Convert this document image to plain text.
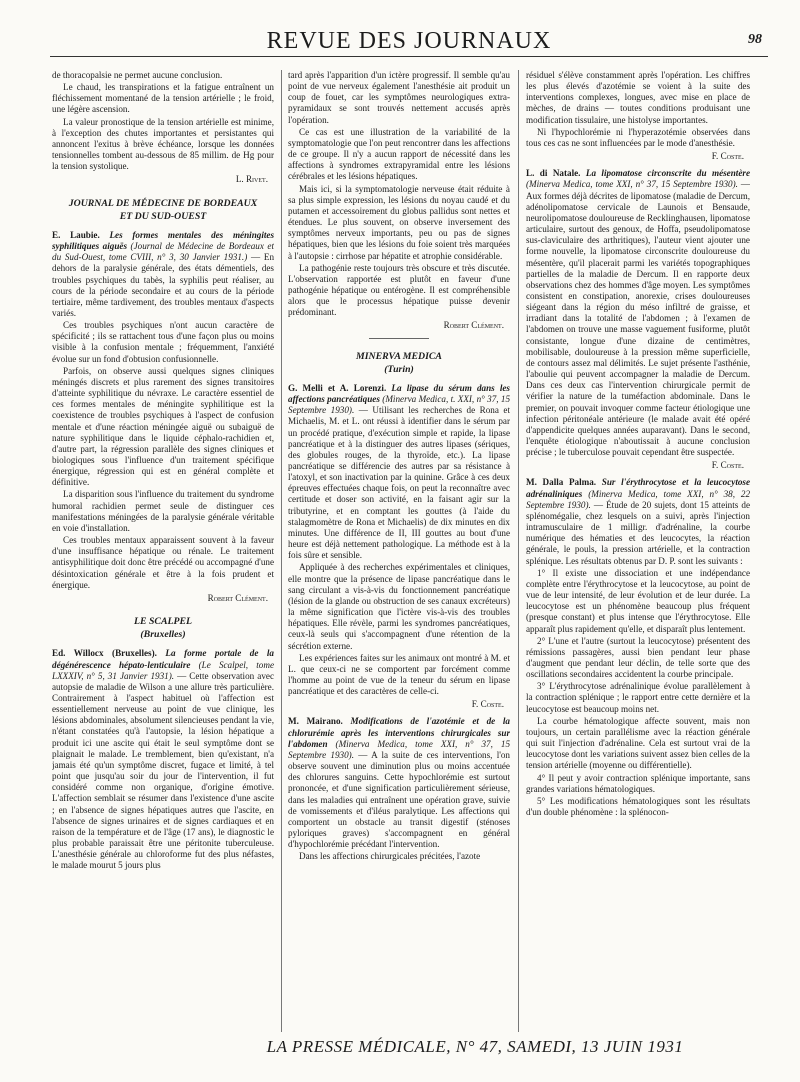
REVUE DES JOURNAUX	98

de thoracopalsie ne permet aucune conclusion.

Le chaud, les transpirations et la fatigue entraînent un fléchissement momentané de la tension artérielle ; le froid, une légère ascension.

La valeur pronostique de la tension artérielle est minime, à l'exception des chutes importantes et persistantes qui annoncent l'exitus à brève échéance, lorsque les données tensionnelles tombent au-dessous de 85 millim. de Hg pour la tension systolique.

L. Rivet.

JOURNAL DE MÉDECINE DE BORDEAUX

ET DU SUD-OUEST

E. Laubie. Les formes mentales des méningites syphilitiques aiguës (Journal de Médecine de Bordeaux et du Sud-Ouest, tome CVIII, n° 3, 30 Janvier 1931.) — En dehors de la paralysie générale, des états démentiels, des troubles psychiques du tabès, la syphilis peut réaliser, au cours de la période secondaire et au cours de la période tertiaire, même tardivement, des troubles mentaux d'aspects variés.

Ces troubles psychiques n'ont aucun caractère de spécificité ; ils se rattachent tous d'une façon plus ou moins visible à la confusion mentale ; fréquemment, l'anxiété évolue sur un fond d'obtusion confusionnelle.

Parfois, on observe aussi quelques signes cliniques méningés discrets et plus rarement des signes transitoires d'atteinte syphilitique du névraxe. Le caractère essentiel de ces formes mentales de méningite syphilitique est la coexistence de troubles psychiques à l'aspect de confusion mentale et d'une réaction méningée aiguë ou subaiguë de nature syphilitique dans le liquide céphalo-rachidien et, d'autre part, la régression parallèle des signes cliniques et biologiques sous l'influence d'un traitement spécifique énergique, régression qui est en général complète et définitive.

La disparition sous l'influence du traitement du syndrome humoral rachidien permet seule de distinguer ces manifestations méningées de la paralysie générale véritable en voie d'installation.

Ces troubles mentaux apparaissent souvent à la faveur d'une insuffisance hépatique ou rénale. Le traitement antisyphilitique doit donc être précédé ou accompagné d'une désintoxication générale et être à la fois prudent et énergique.

Robert Clément.

LE SCALPEL

(Bruxelles)

Ed. Willocx (Bruxelles). La forme portale de la dégénérescence hépato-lenticulaire (Le Scalpel, tome LXXXIV, n° 5, 31 Janvier 1931). — Cette observation avec autopsie de maladie de Wilson a une allure très particulière. Contrairement à l'aspect habituel où l'affection est essentiellement nerveuse au point de vue clinique, les lésions abdominales, absolument silencieuses pendant la vie, n'étant constatées qu'à l'autopsie, la lésion hépatique a produit ici une ascite qui était le seul symptôme dont se plaignait le malade. Le tremblement, bien qu'existant, n'a jamais été qu'un symptôme discret, fugace et limité, à tel point que jusqu'au soir du jour de l'intervention, il fut considéré comme non organique, d'origine émotive. L'affection semblait se résumer dans l'existence d'une ascite ; en l'absence de signes hépatiques autres que l'ascite, en l'absence de signes urinaires et de signes cardiaques et en raison de la température et de l'âge (17 ans), le diagnostic le plus probable paraissait être une péritonite tuberculeuse. L'anesthésie générale au chloroforme fut des plus néfastes, le malade mourut 5 jours plus

tard après l'apparition d'un ictère progressif. Il semble qu'au point de vue nerveux également l'anesthésie ait produit un coup de fouet, car les symptômes neurologiques extra-pyramidaux se sont trouvés nettement accusés après l'opération.

Ce cas est une illustration de la variabilité de la symptomatologie que l'on peut rencontrer dans les affections de ce groupe. Il n'y a aucun rapport de nécessité dans les affections à syndromes extrapyramidal entre les lésions cérébrales et les lésions hépatiques.

Mais ici, si la symptomatologie nerveuse était réduite à sa plus simple expression, les lésions du noyau caudé et du putamen et accessoirement du globus pallidus sont nettes et étendues. Le plus souvent, on observe inversement des symptômes nerveux importants, peu ou pas de signes hépatiques, bien que les lésions du foie soient très marquées à l'autopsie : cirrhose par hépatite et atrophie considérable.

La pathogénie reste toujours très obscure et très discutée. L'observation rapportée est plutôt en faveur d'une pathogénie hépatique ou entérogène. Il est compréhensible alors que le processus hépatique puisse devenir prédominant.

Robert Clément.

MINERVA MEDICA

(Turin)

G. Melli et A. Lorenzi. La lipase du sérum dans les affections pancréatiques (Minerva Medica, t. XXI, n° 37, 15 Septembre 1930). — Utilisant les recherches de Rona et Michaelis, M. et L. ont réussi à identifier dans le sérum par un procédé pratique, d'exécution simple et rapide, la lipase pancréatique et à la distinguer des autres lipases (sériques, des globules rouges, de la thyroïde, etc.). La lipase pancréatique se différencie des autres par sa résistance à l'atoxyl, et son inactivation par la quinine. Grâce à ces deux épreuves effectuées chaque fois, on peut la reconnaître avec certitude et doser son activité, en la faisant agir sur la tributyrine, et en comptant les gouttes (à l'aide du stalagmomètre de Rona et Michaelis) de dix minutes en dix minutes. Une différence de II, III gouttes au bout d'une heure est déjà nettement pathologique. La méthode est à la fois sûre et sensible.

Appliquée à des recherches expérimentales et cliniques, elle montre que la présence de lipase pancréatique dans le sang circulant a vis-à-vis du fonctionnement pancréatique (lésion de la glande ou obstruction de ses canaux excréteurs) la même signification que l'ictère vis-à-vis des troubles hépatiques. Elle révèle, parmi les syndromes pancréatiques, ceux-là seuls qui s'accompagnent d'une rétention de la sécrétion externe.

Les expériences faites sur les animaux ont montré à M. et L. que ceux-ci ne se comportent par forcément comme l'homme au point de vue de la teneur du sérum en lipase pancréatique et des caractères de celle-ci.

F. Coste.

M. Mairano. Modifications de l'azotémie et de la chlorurémie après les interventions chirurgicales sur l'abdomen (Minerva Medica, tome XXI, n° 37, 15 Septembre 1930). — A la suite de ces interventions, l'on observe souvent une diminution plus ou moins accentuée des chlorures sanguins. Cette hypochlorémie est surtout prononcée, et d'une signification particulièrement sérieuse, dans les maladies qui entraînent une opération grave, suivie de vomissements et d'iléus paralytique. Les affections qui comportent un obstacle au transit digestif (sténoses pyloriques graves) s'accompagnent en général d'hypochlorémie précédant l'intervention.

Dans les affections chirurgicales précitées, l'azote

résiduel s'élève constamment après l'opération. Les chiffres les plus élevés d'azotémie se voient à la suite des interventions complexes, longues, avec mise en place de mèches, de drains — toutes conditions produisant une modification tissulaire, une histolyse importantes.

Ni l'hypochlorémie ni l'hyperazotémie observées dans tous ces cas ne sont influencées par le mode d'anesthésie.

F. Coste.

L. di Natale. La lipomatose circonscrite du mésentère (Minerva Medica, tome XXI, n° 37, 15 Septembre 1930). — Aux formes déjà décrites de lipomatose (maladie de Dercum, adénolipomatose cervicale de Launois et Bensaude, neurolipomatose douloureuse de Recklinghausen, lipomatose articulaire, surtout des genoux, de Hoffa, pseudolipomatose sus-claviculaire des arthritiques), l'auteur vient ajouter une forme nouvelle, la lipomatose circonscrite douloureuse du mésentère, qu'il placerait parmi les variétés topographiques partielles de la maladie de Dercum. Il en rapporte deux observations chez des hommes d'âge moyen. Les symptômes consistent en constipation, anorexie, crises douloureuses siégeant dans la région du méso infiltré de graisse, et irradiant dans la totalité de l'abdomen ; à l'examen de l'abdomen on trouve une masse vaguement fusiforme, plutôt consistante, longue d'une dizaine de centimètres, mobilisable, douloureuse à la pression même superficielle, de contours assez mal délimités. Le sujet présente l'asthénie, l'aboulie qui peuvent accompagner la maladie de Dercum. Dans ces deux cas l'intervention chirurgicale permit de vérifier la nature de la tuméfaction abdominale. Dans le premier, on pouvait invoquer comme facteur étiologique une infection péritonéale antérieure (le malade avait été opéré d'appendicite quelques années auparavant). Dans le second, l'enquête étiologique n'aboutissait à aucune conclusion précise ; le tuberculose pouvait cependant être suspectée.

F. Coste.

M. Dalla Palma. Sur l'érythrocytose et la leucocytose adrénaliniques (Minerva Medica, tome XXI, n° 38, 22 Septembre 1930). — Étude de 20 sujets, dont 15 atteints de splénomégalie, chez lesquels on a suivi, après l'injection intramusculaire de 1 milligr. d'adrénaline, la courbe numérique des hématies et des leucocytes, la réaction générale, le pouls, la pression artérielle, et la contraction splénique. Les résultats obtenus par D. P. sont les suivants :

1° Il existe une dissociation et une indépendance complète entre l'érythrocytose et la leucocytose, au point de vue de leur intensité, de leur évolution et de leur durée. La leucocytose est un phénomène beaucoup plus fréquent (presque constant) et plus intense que l'érythrocytose. Elle apparaît plus rapidement qu'elle, et disparaît plus lentement.

2° L'une et l'autre (surtout la leucocytose) présentent des rémissions passagères, aussi bien pendant leur phase d'augment que pendant leur déclin, de telle sorte que des oscillations secondaires accidentent la courbe principale.

3° L'érythrocytose adrénalinique évolue parallèlement à la contraction splénique ; le rapport entre cette dernière et la leucocytose est beaucoup moins net.

La courbe hématologique affecte souvent, mais non toujours, un certain parallélisme avec la réaction générale qui suit l'injection d'adrénaline. Cela est surtout vrai de la leucocytose dont les variations suivent assez bien celles de la tension artérielle (moyenne ou différentielle).

4° Il peut y avoir contraction splénique importante, sans grandes variations hématologiques.

5° Les modifications hématologiques sont les résultats d'un double phénomène : la splénocon-

LA PRESSE MÉDICALE, N° 47, SAMEDI, 13 JUIN 1931
